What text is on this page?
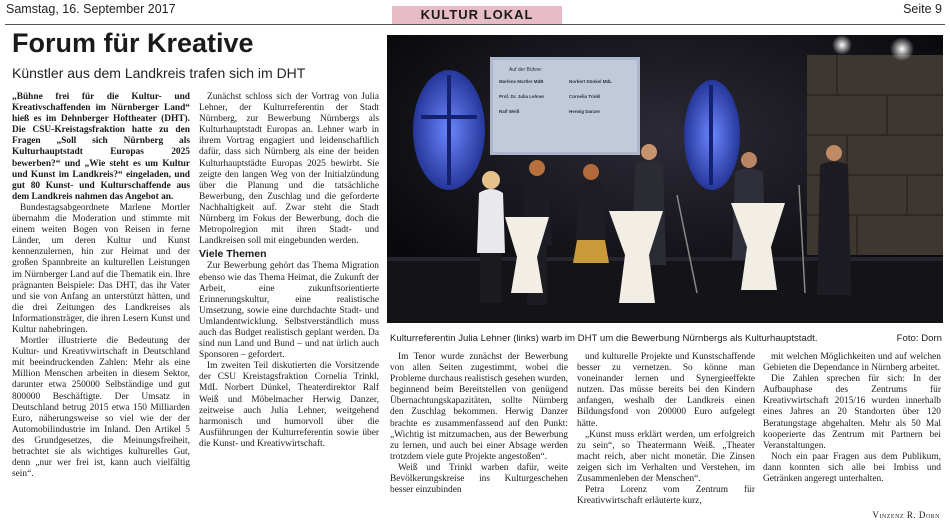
Samstag, 16. September 2017	KULTUR LOKAL	Seite 9
Forum für Kreative
Künstler aus dem Landkreis trafen sich im DHT

„Bühne frei für die Kultur- und Kreativschaffenden im Nürnberger Land“ hieß es im Dehnberger Hoftheater (DHT). Die CSU-Kreistagsfraktion hatte zu den Fragen „Soll sich Nürnberg als Kulturhauptstadt Europas 2025 bewerben?“ und „Wie steht es um Kultur und Kunst im Landkreis?“ eingeladen, und gut 80 Kunst- und Kulturschaffende aus dem Landkreis nahmen das Angebot an.

Bundestagsabgeordnete Marlene Mortler übernahm die Moderation und stimmte mit einem weiten Bogen von Reisen in ferne Länder, um deren Kultur und Kunst kennenzulernen, hin zur Heimat und der großen Spannbreite an kulturellen Leistungen im Nürnberger Land auf die Thematik ein. Ihre prägnanten Beispiele: Das DHT, das ihr Vater und sie von Anfang an unterstützt hätten, und die drei Zeitungen des Landkreises als Informationsträger, die ihren Lesern Kunst und Kultur nahebringen.

Mortler illustrierte die Bedeutung der Kultur- und Kreativwirtschaft in Deutschland mit beeindruckenden Zahlen: Mehr als eine Million Menschen arbeiten in diesem Sektor, darunter etwa 250000 Selbständige und gut 800000 Beschäftigte. Der Umsatz in Deutschland betrug 2015 etwa 150 Milliarden Euro, näherungsweise so viel wie der der Automobilindustrie im Inland. Den Artikel 5 des Grundgesetzes, die Meinungsfreiheit, betrachtet sie als wichtiges kulturelles Gut, denn „nur wer frei ist, kann auch vielfältig sein“.

Zunächst schloss sich der Vortrag von Julia Lehner, der Kulturreferentin der Stadt Nürnberg, zur Bewerbung Nürnbergs als Kulturhauptstadt Europas an. Lehner warb in ihrem Vortrag engagiert und leidenschaftlich dafür, dass sich Nürnberg als eine der beiden Kulturhauptstädte Europas 2025 bewirbt. Sie zeigte den langen Weg von der Initialzündung über die Planung und die tatsächliche Bewerbung, den Zuschlag und die geforderte Nachhaltigkeit auf. Zwar steht die Stadt Nürnberg im Fokus der Bewerbung, doch die Metropolregion mit ihren Stadt- und Landkreisen soll mit eingebunden werden.

Viele Themen

Zur Bewerbung gehört das Thema Migration ebenso wie das Thema Heimat, die Zukunft der Arbeit, eine zukunftsorientierte Erinnerungskultur, eine realistische Umsetzung, sowie eine durchdachte Stadt- und Umlandentwicklung. Selbstverständlich muss auch das Budget realistisch geplant werden. Da sind nun Land und Bund – und nat ürlich auch Sponsoren – gefordert.

Im zweiten Teil diskutierten die Vorsitzende der CSU Kreistagsfraktion Cornelia Trinkl, MdL Norbert Dünkel, Theaterdirektor Ralf Weiß und Möbelmacher Herwig Danzer, zeitweise auch Julia Lehner, weitgehend harmonisch und humorvoll über die Ausführungen der Kulturreferentin sowie über die Kunst- und Kreativwirtschaft.

Auf der Bühne:
Marlene Mortler MdB
Prof. Dr. Julia Lehner
Ralf Weiß
Norbert Dünkel MdL
Cornelia Trinkl
Herwig Danzer
Kulturreferentin Julia Lehner (links) warb im DHT um die Bewerbung Nürnbergs als Kulturhauptstadt.	Foto: Dorn

Im Tenor wurde zunächst der Bewerbung von allen Seiten zugestimmt, wobei die Probleme durchaus realistisch gesehen wurden, beginnend beim Bereitstellen von genügend Übernachtungskapazitäten, sollte Nürnberg den Zuschlag bekommen. Herwig Danzer brachte es zusammenfassend auf den Punkt: „Wichtig ist mitzumachen, aus der Bewerbung zu lernen, und auch bei einer Absage werden trotzdem viele gute Projekte angestoßen“.

Weiß und Trinkl warben dafür, weite Bevölkerungskreise ins Kulturgeschehen besser einzubinden

und kulturelle Projekte und Kunstschaffende besser zu vernetzen. So könne man voneinander lernen und Synergieeffekte nutzen. Das müsse bereits bei den Kindern anfangen, weshalb der Landkreis einen Bildungsfond von 200000 Euro aufgelegt hätte.

„Kunst muss erklärt werden, um erfolgreich zu sein“, so Theatermann Weiß. „Theater macht reich, aber nicht monetär. Die Zinsen zeigen sich im Verhalten und Verstehen, im Zusammenleben der Menschen“.

Petra Lorenz vom Zentrum für Kreativwirtschaft erläuterte kurz,

mit welchen Möglichkeiten und auf welchen Gebieten die Dependance in Nürnberg arbeitet.

Die Zahlen sprechen für sich: In der Aufbauphase des Zentrums für Kreativwirtschaft 2015/16 wurden innerhalb eines Jahres an 20 Standorten über 120 Beratungstage abgehalten. Mehr als 50 Mal kooperierte das Zentrum mit Partnern bei Veranstaltungen.

Noch ein paar Fragen aus dem Publikum, dann konnten sich alle bei Imbiss und Getränken angeregt unterhalten.

Vinzenz R. Dorn
